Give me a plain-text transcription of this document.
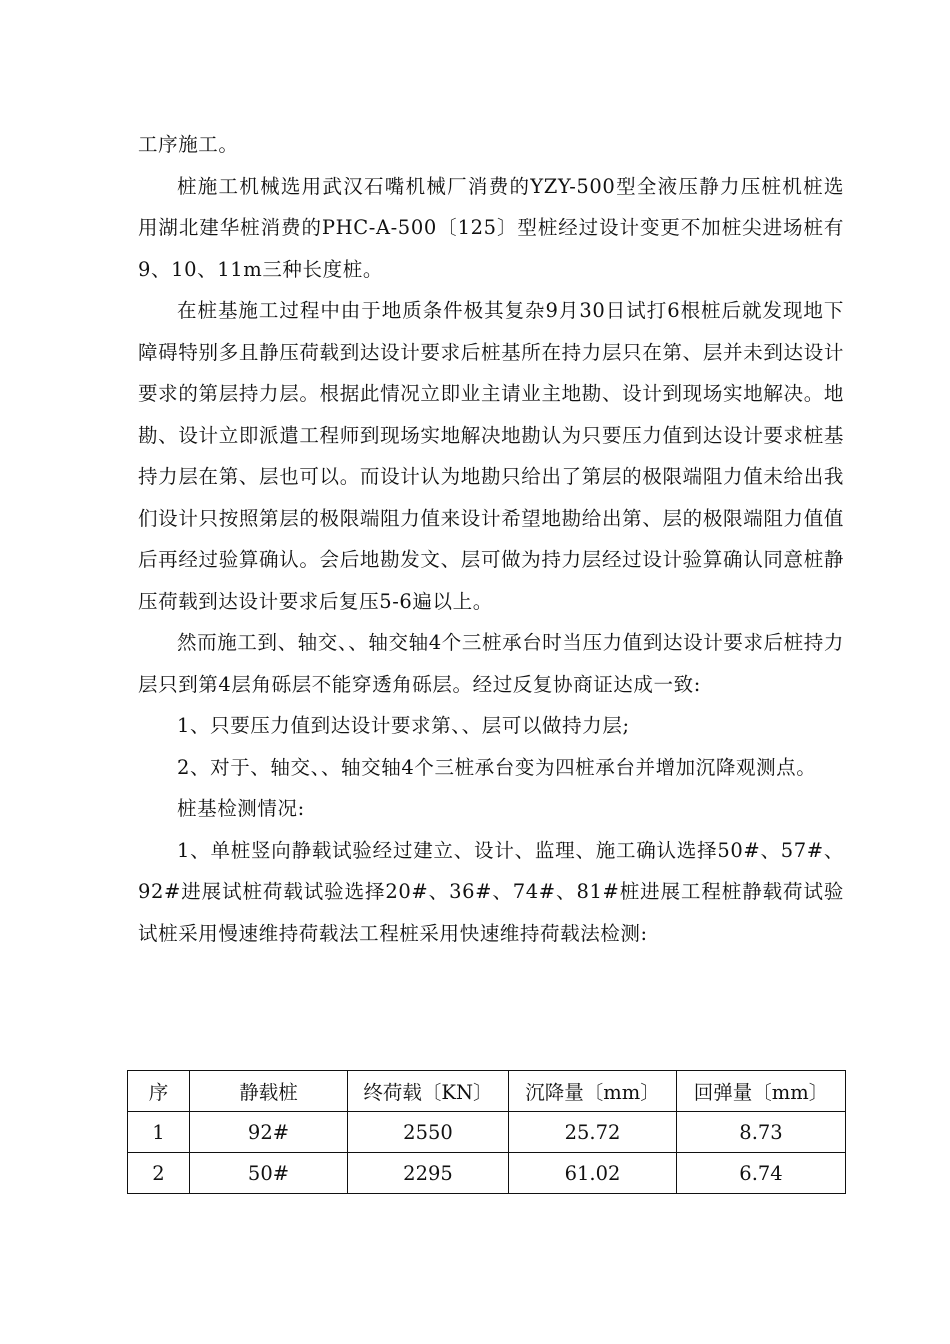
工序施工。

桩施工机械选用武汉石嘴机械厂消费的YZY-500型全液压静力压桩机桩选用湖北建华桩消费的PHC-A-500〔125〕型桩经过设计变更不加桩尖进场桩有9、10、11m三种长度桩。

在桩基施工过程中由于地质条件极其复杂9月30日试打6根桩后就发现地下障碍特别多且静压荷载到达设计要求后桩基所在持力层只在第、层并未到达设计要求的第层持力层。根据此情况立即业主请业主地勘、设计到现场实地解决。地勘、设计立即派遣工程师到现场实地解决地勘认为只要压力值到达设计要求桩基持力层在第、层也可以。而设计认为地勘只给出了第层的极限端阻力值未给出我们设计只按照第层的极限端阻力值来设计希望地勘给出第、层的极限端阻力值值后再经过验算确认。会后地勘发文、层可做为持力层经过设计验算确认同意桩静压荷载到达设计要求后复压5-6遍以上。

然而施工到、轴交、、轴交轴4个三桩承台时当压力值到达设计要求后桩持力层只到第4层角砾层不能穿透角砾层。经过反复协商证达成一致:

1、只要压力值到达设计要求第、、层可以做持力层;

2、对于、轴交、、轴交轴4个三桩承台变为四桩承台并增加沉降观测点。

桩基检测情况:

1、单桩竖向静载试验经过建立、设计、监理、施工确认选择50#、57#、92#进展试桩荷载试验选择20#、36#、74#、81#桩进展工程桩静载荷试验试桩采用慢速维持荷载法工程桩采用快速维持荷载法检测:

序	静载桩	终荷载〔KN〕	沉降量〔mm〕	回弹量〔mm〕
1	92#	2550	25.72	8.73
2	50#	2295	61.02	6.74
